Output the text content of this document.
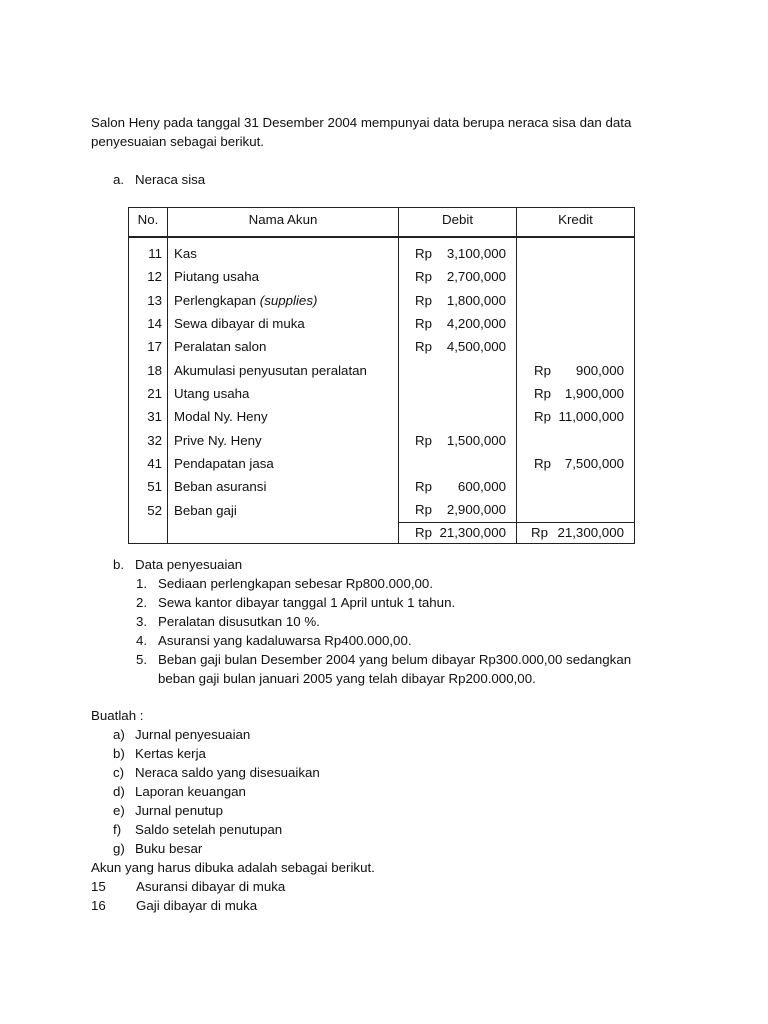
Salon Heny pada tanggal 31 Desember 2004 mempunyai data berupa neraca sisa dan data penyesuaian sebagai berikut.
a. Neraca sisa
No.	Nama Akun	Debit	Kredit
11	Kas	Rp 3,100,000	

12	Piutang usaha	Rp 2,700,000	

13	Perlengkapan (supplies)	Rp 1,800,000	

14	Sewa dibayar di muka	Rp 4,200,000	

17	Peralatan salon	Rp 4,500,000	

18	Akumulasi penyusutan peralatan		Rp 900,000

21	Utang usaha		Rp 1,900,000

31	Modal Ny. Heny		Rp 11,000,000

32	Prive Ny. Heny	Rp 1,500,000	

41	Pendapatan jasa		Rp 7,500,000

51	Beban asuransi	Rp 600,000	

52	Beban gaji	Rp 2,900,000	

		Rp 21,300,000	Rp 21,300,000
b. Data penyesuaian
1. Sediaan perlengkapan sebesar Rp800.000,00.
2. Sewa kantor dibayar tanggal 1 April untuk 1 tahun.
3. Peralatan disusutkan 10 %.
4. Asuransi yang kadaluwarsa Rp400.000,00.
5. Beban gaji bulan Desember 2004 yang belum dibayar Rp300.000,00 sedangkan
beban gaji bulan januari 2005 yang telah dibayar Rp200.000,00.
Buatlah :
a) Jurnal penyesuaian
b) Kertas kerja
c) Neraca saldo yang disesuaikan
d) Laporan keuangan
e) Jurnal penutup
f) Saldo setelah penutupan
g) Buku besar
Akun yang harus dibuka adalah sebagai berikut.
15 Asuransi dibayar di muka
16 Gaji dibayar di muka
